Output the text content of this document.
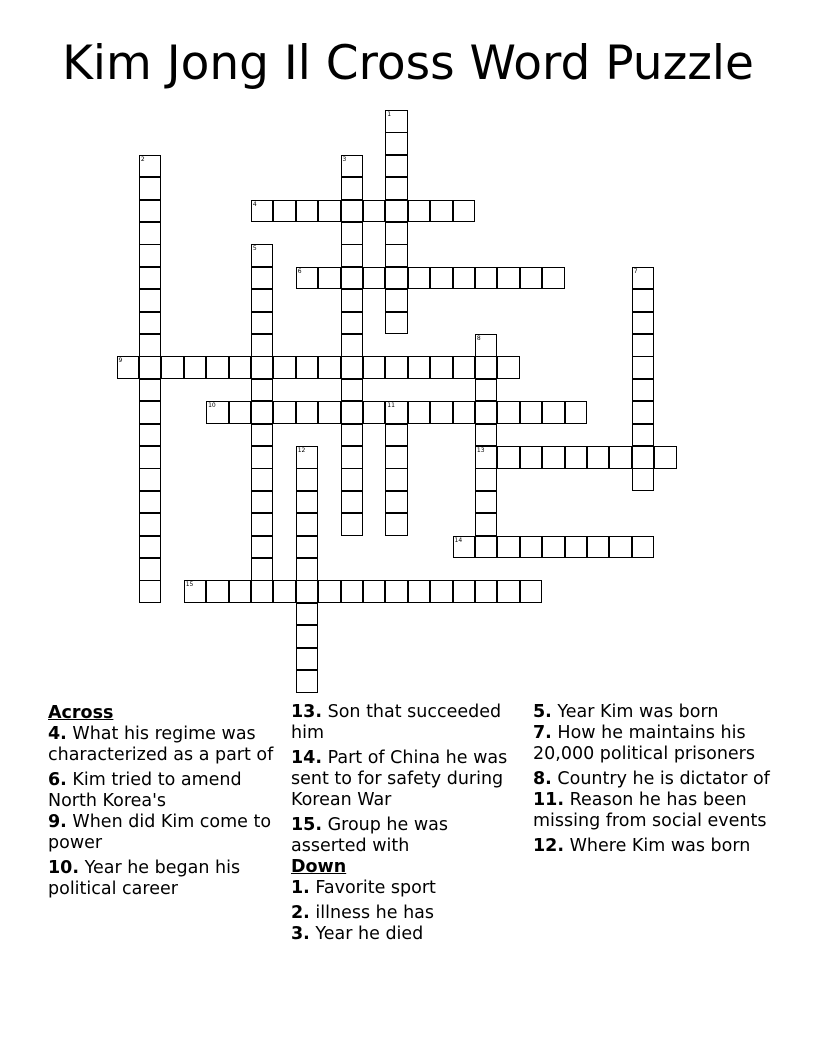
Kim Jong Il Cross Word Puzzle
1
2	3
4
5
6	7
8
13
9
10	11
12
14
15
Across
4. What his regime was characterized as a part of
6. Kim tried to amend North Korea's
9. When did Kim come to power
10. Year he began his political career
13. Son that succeeded him
14. Part of China he was sent to for safety during Korean War
15. Group he was asserted with
Down
1. Favorite sport
2. illness he has
3. Year he died
5. Year Kim was born
7. How he maintains his 20,000 political prisoners
8. Country he is dictator of
11. Reason he has been missing from social events
12. Where Kim was born
